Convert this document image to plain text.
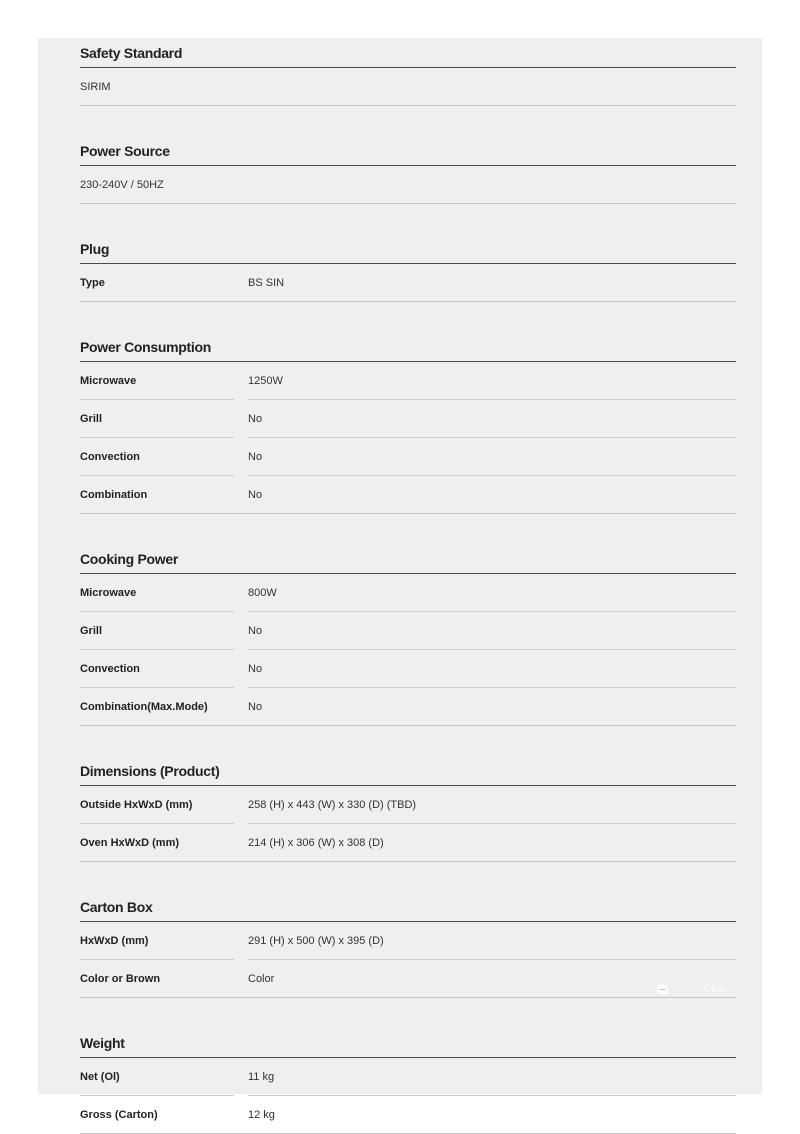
Safety Standard
SIRIM
Power Source
230-240V / 50HZ
Plug
Type	BS SIN
Power Consumption
Microwave	1250W
Grill	No
Convection	No
Combination	No
Cooking Power
Microwave	800W
Grill	No
Convection	No
Combination(Max.Mode)	No
Dimensions (Product)
Outside HxWxD (mm)	258 (H) x 443 (W) x 330 (D) (TBD)
Oven HxWxD (mm)	214 (H) x 306 (W) x 308 (D)
Carton Box
HxWxD (mm)	291 (H) x 500 (W) x 395 (D)
Color or Brown	Color
Weight
Net (Ol)	11 kg
Gross (Carton)	12 kg
Chat
